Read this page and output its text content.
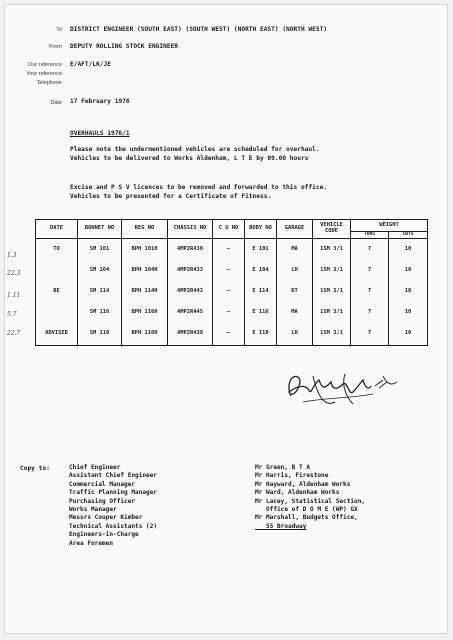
To DISTRICT ENGINEER (SOUTH EAST) (SOUTH WEST) (NORTH EAST) (NORTH WEST)
From DEPUTY ROLLING STOCK ENGINEER
Our reference E/AFT/LK/JE
Your reference
Telephone
Date 17 February 1976
OVERHAULS 1976/1
Please note the undermentioned vehicles are scheduled for overhaul.
Vehicles to be delivered to Works Aldenham, L T E by 09.00 hours
Excise and P S V licences to be removed and forwarded to this office.
Vehicles to be presented for a Certificate of Fitness.
DATE	BONNET NO	REG NO	CHASSIS NO	C U NO	BODY NO	GARAGE	VEHICLE CODE	WEIGHT	
								TONS	CWTS
TO	SM 101	BPH 101H	4MP2R430	–	E 101	MA	1SM 3/1	7	10
	SM 104	BPH 104H	4MP2R433	–	E 104	LH	1SM 3/1	7	10
BE	SM 114	BPH 114H	4MP2R443	–	E 114	DT	1SM 3/1	7	10
	SM 116	BPH 116H	4MP2R445	–	E 116	MA	1SM 3/1	7	10
ADVISED	SM 110	BPH 110H	4MP2R439	–	E 110	LH	1SM 3/1	7	10
1.3
22.3
1.11
5.7
22.7
Copy to:	Chief Engineer
Assistant Chief Engineer
Commercial Manager
Traffic Planning Manager
Purchasing Officer
Works Manager
Messrs Couper Kimber
Technical Assistants (2)
Engineers-in-Charge
Area Foremen
Mr Green, B T A
Mr Harris, Firestone
Mr Hayward, Aldenham Works
Mr Ward, Aldenham Works
Mr Lacey, Statistical Section,
Office of D O M E (WP) GX
Mr Marshall, Budgets Office,
55 Broadway
